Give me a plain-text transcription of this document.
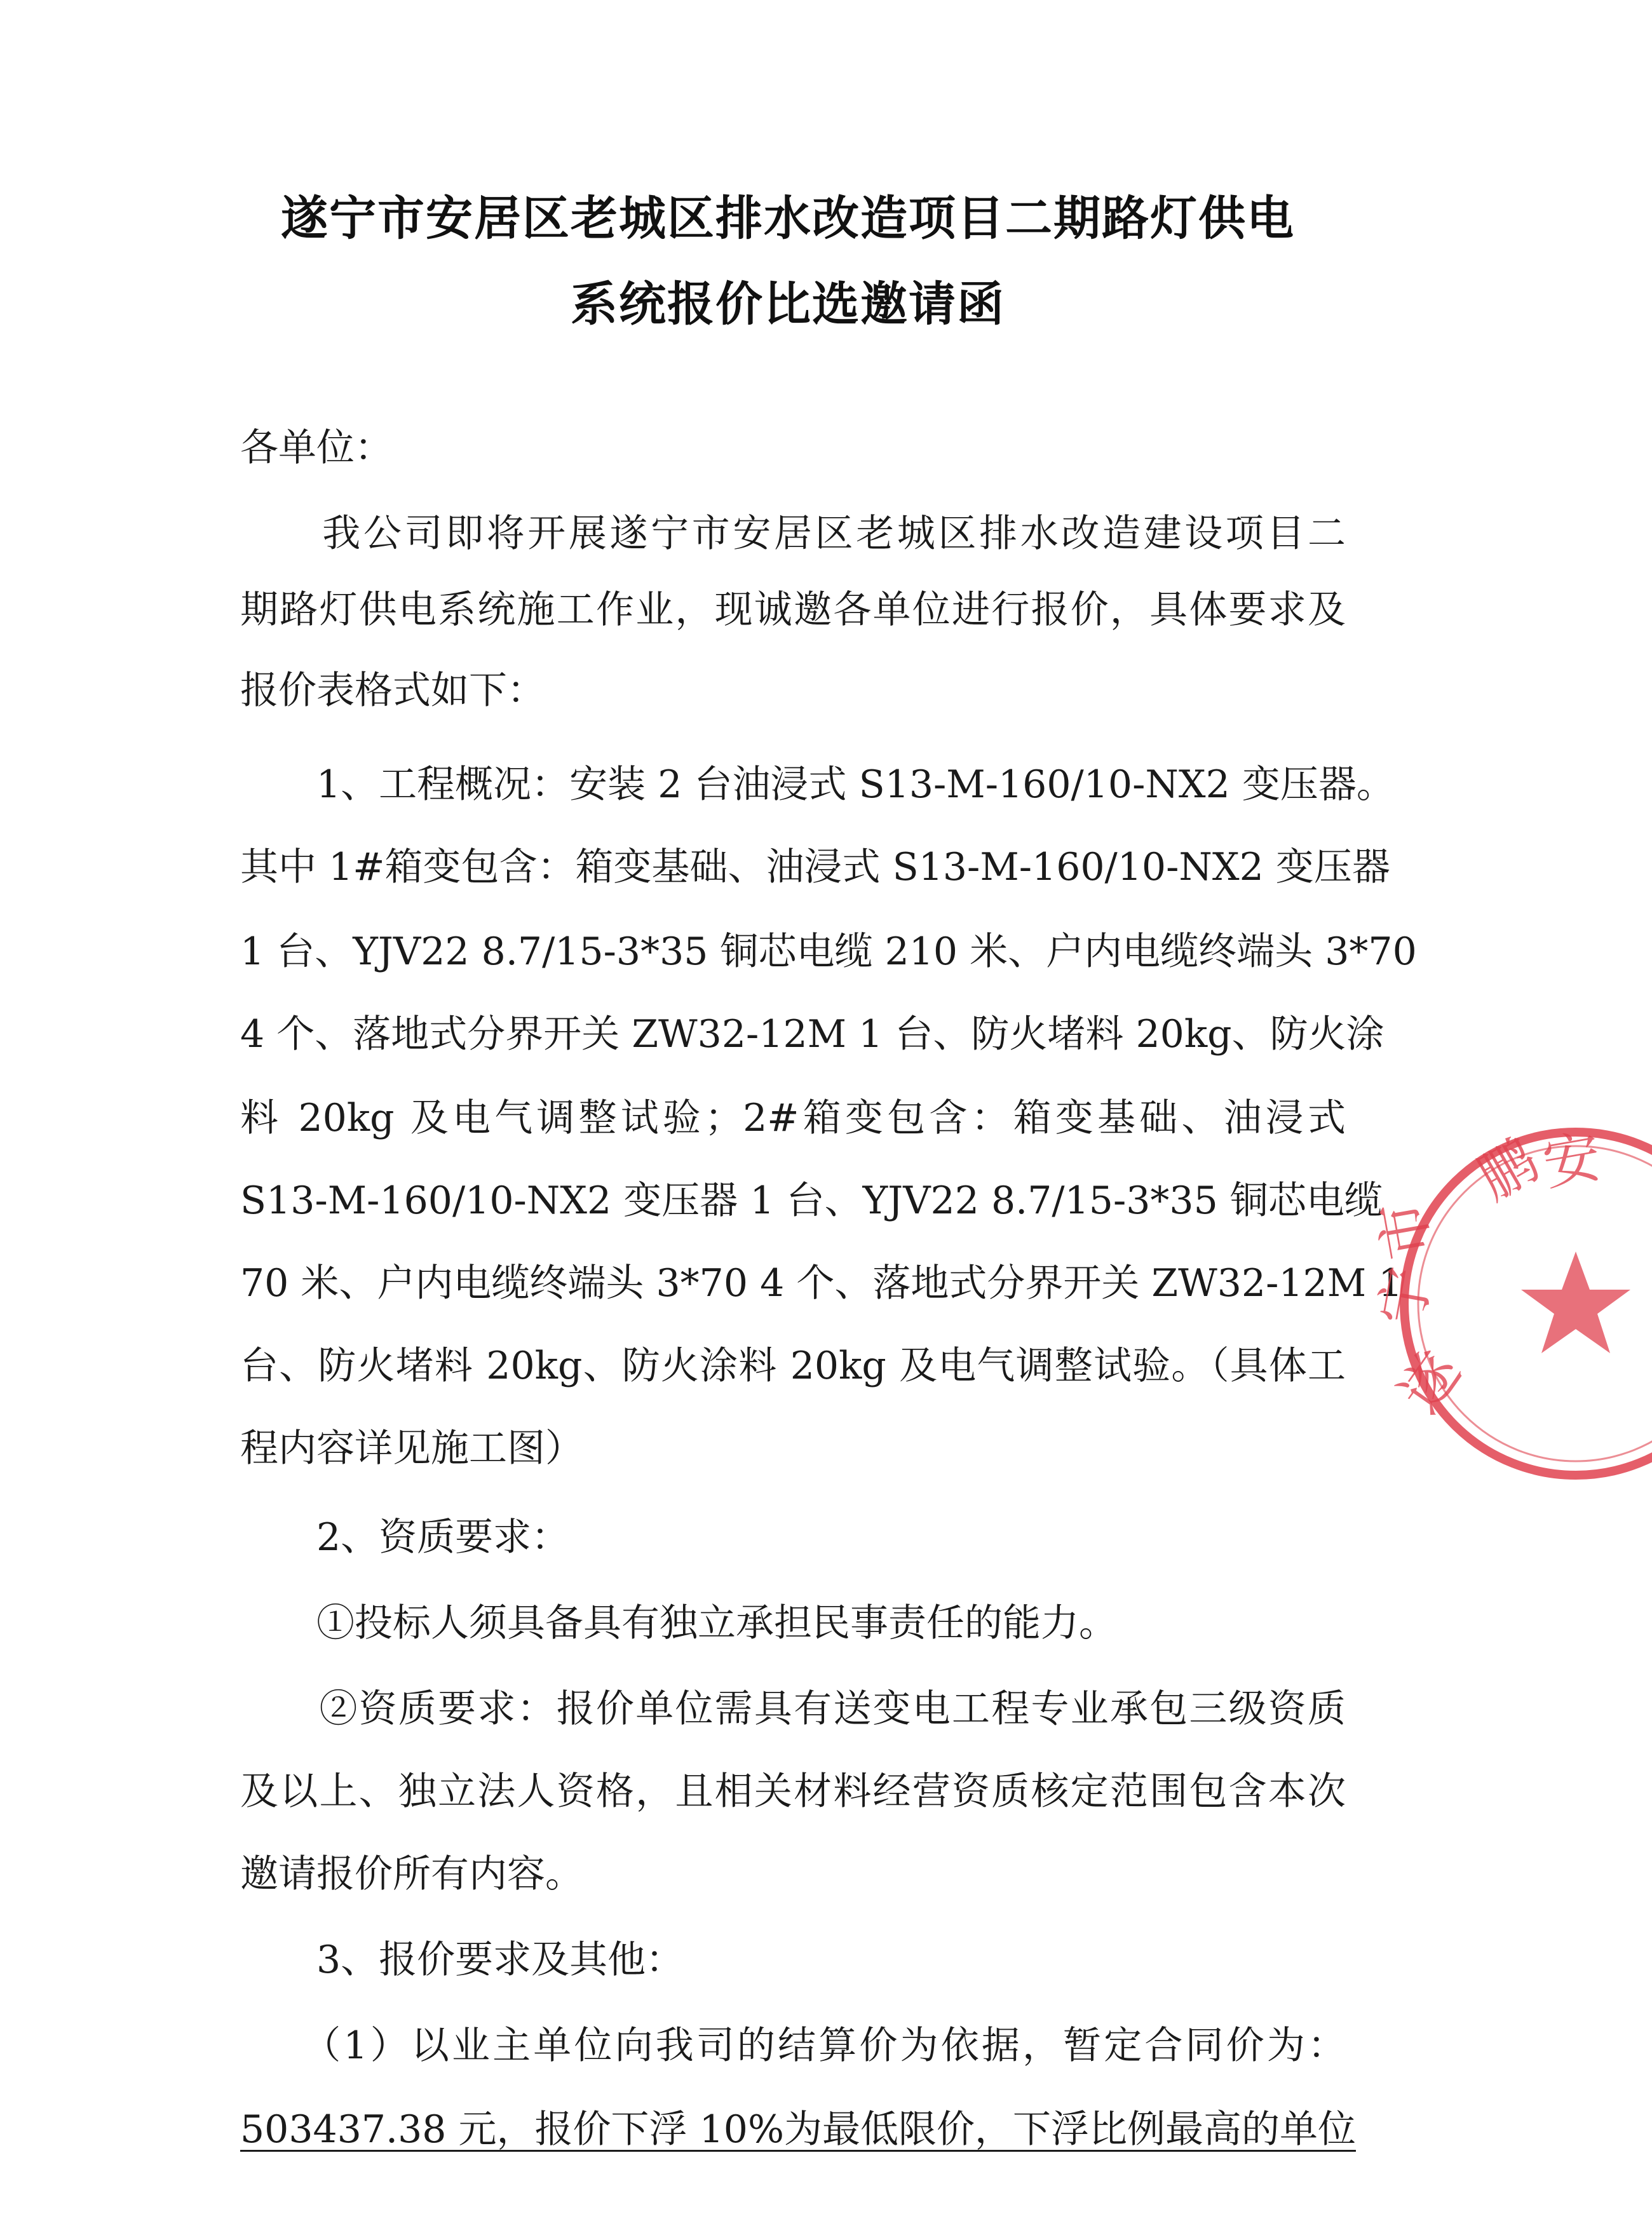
遂宁市安居区老城区排水改造项目二期路灯供电
系统报价比选邀请函
各单位：
　　我公司即将开展遂宁市安居区老城区排水改造建设项目二
期路灯供电系统施工作业，现诚邀各单位进行报价，具体要求及
报价表格式如下：
　　1、工程概况：安装 2 台油浸式 S13-M-160/10-NX2 变压器。
其中 1#箱变包含：箱变基础、油浸式 S13-M-160/10-NX2 变压器
1 台、YJV22 8.7/15-3*35 铜芯电缆 210 米、户内电缆终端头 3*70
4 个、落地式分界开关 ZW32-12M 1 台、防火堵料 20kg、防火涂
料 20kg 及电气调整试验；2#箱变包含：箱变基础、油浸式
S13-M-160/10-NX2 变压器 1 台、YJV22 8.7/15-3*35 铜芯电缆
70 米、户内电缆终端头 3*70 4 个、落地式分界开关 ZW32-12M 1
台、防火堵料 20kg、防火涂料 20kg 及电气调整试验。（具体工
程内容详见施工图）
　　2、资质要求：
　　①投标人须具备具有独立承担民事责任的能力。
　　②资质要求：报价单位需具有送变电工程专业承包三级资质
及以上、独立法人资格，且相关材料经营资质核定范围包含本次
邀请报价所有内容。
　　3、报价要求及其他：
　　（1）以业主单位向我司的结算价为依据，暂定合同价为：
503437.38 元，报价下浮 10%为最低限价，下浮比例最高的单位
遂
宁
市
鹏
安
